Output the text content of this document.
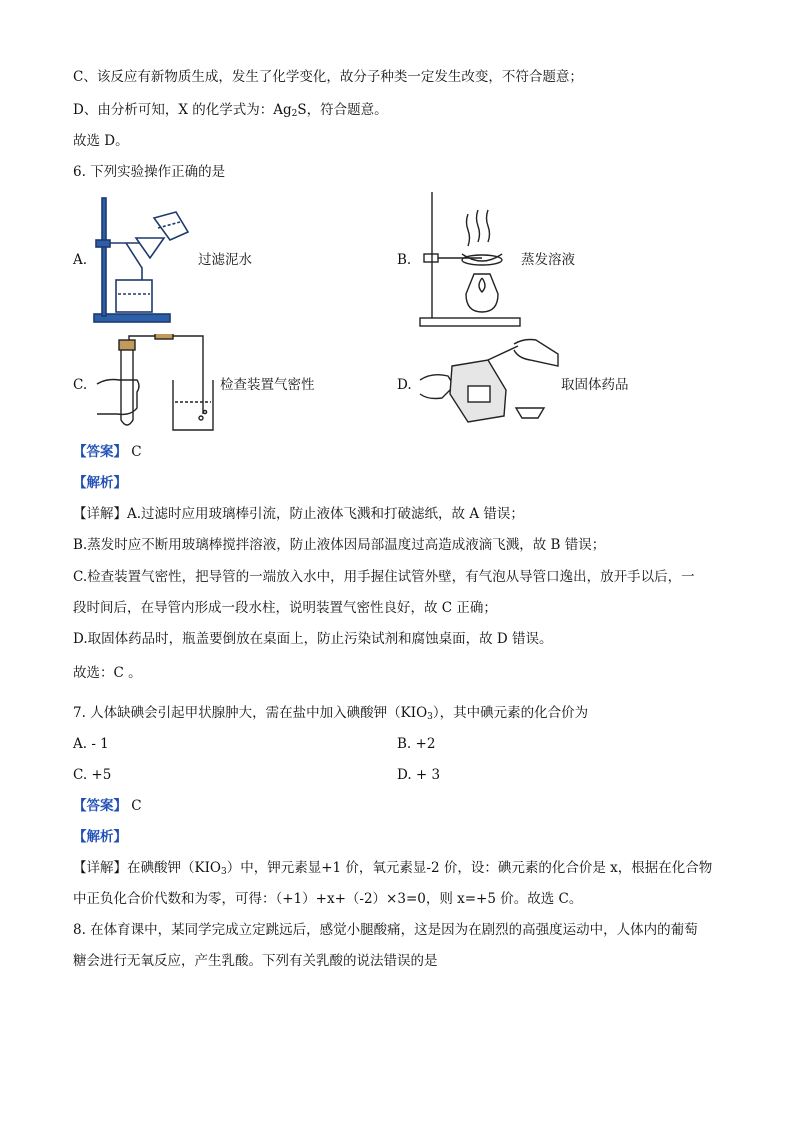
C、该反应有新物质生成，发生了化学变化，故分子种类一定发生改变，不符合题意；
D、由分析可知，X 的化学式为：$Ag_2S$，符合题意。
故选 D。
6. 下列实验操作正确的是
A.	过滤泥水	B.	蒸发溶液
C.	检查装置气密性	D.	取固体药品
【答案】 C
【解析】
【详解】A.过滤时应用玻璃棒引流，防止液体飞溅和打破滤纸，故 A 错误；
B.蒸发时应不断用玻璃棒搅拌溶液，防止液体因局部温度过高造成液滴飞溅，故 B 错误；
C.检查装置气密性，把导管的一端放入水中，用手握住试管外壁，有气泡从导管口逸出，放开手以后，一
段时间后，在导管内形成一段水柱，说明装置气密性良好，故 C 正确；
D.取固体药品时，瓶盖要倒放在桌面上，防止污染试剂和腐蚀桌面，故 D 错误。
故选：C 。
7. 人体缺碘会引起甲状腺肿大，需在盐中加入碘酸钾$(KIO_3)$，其中碘元素的化合价为
A. - 1	B. +2
C. +5	D. + 3
【答案】 C
【解析】
【详解】在碘酸钾$(KIO_3)$中，钾元素显+1 价，氧元素显-2 价，设：碘元素的化合价是 x，根据在化合物
中正负化合价代数和为零，可得：（+1）+x+（-2）×3=0，则 x=+5 价。故选 C。
8. 在体育课中，某同学完成立定跳远后，感觉小腿酸痛，这是因为在剧烈的高强度运动中，人体内的葡萄
糖会进行无氧反应，产生乳酸。下列有关乳酸的说法错误的是
